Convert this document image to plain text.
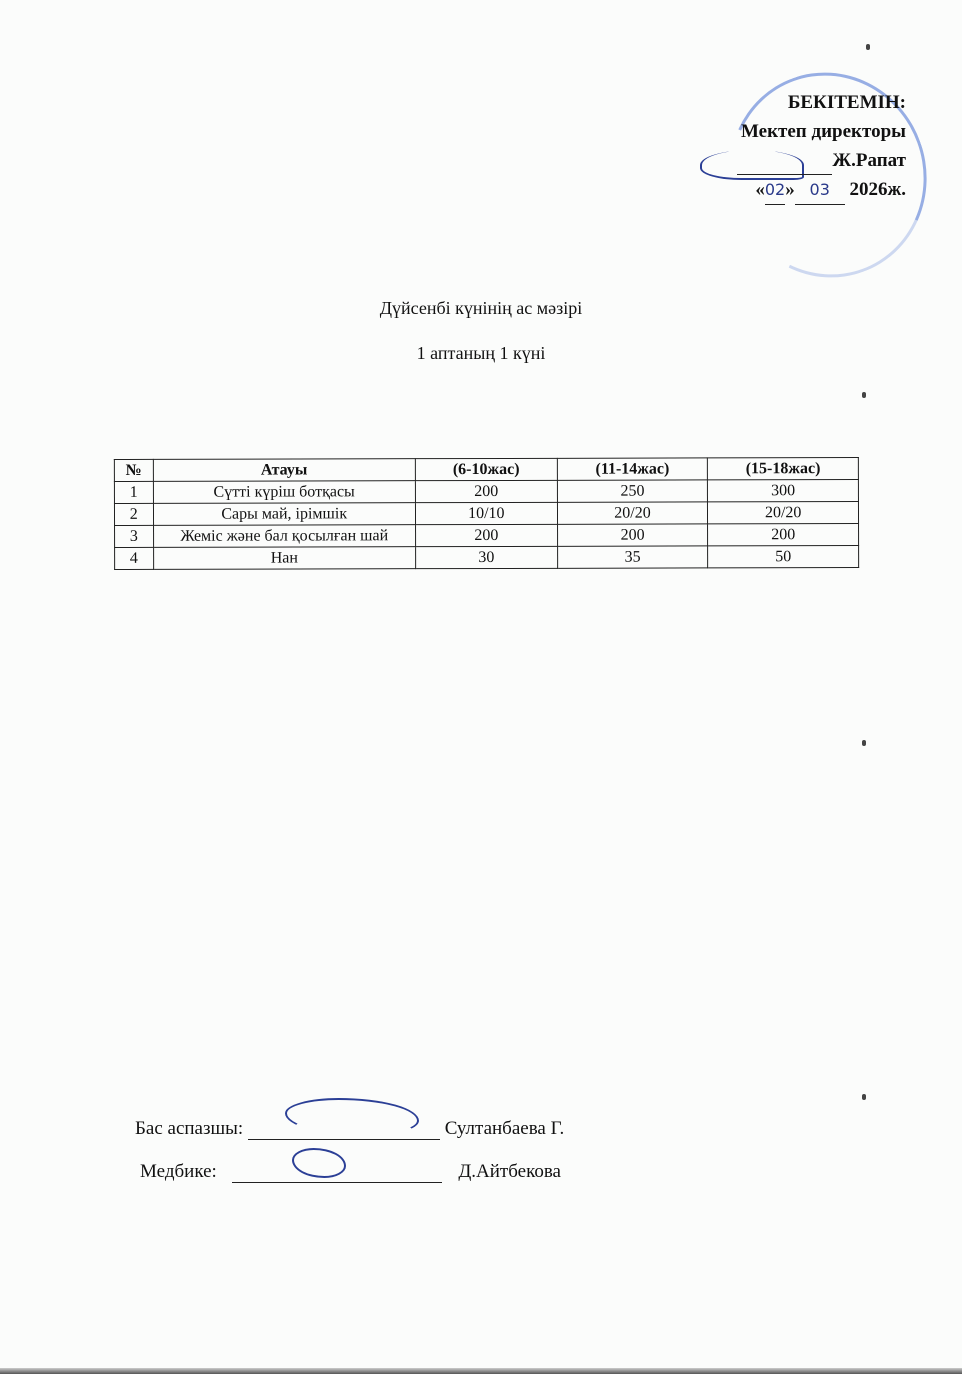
БЕКІТЕМІН:
Мектеп директоры
Ж.Рапат
«02» 03 2026ж.
Дүйсенбі күнінің ас мәзірі
1 аптаның 1 күні
№	Атауы	(6-10жас)	(11-14жас)	(15-18жас)
1	Сүтті күріш ботқасы	200	250	300
2	Сары май, ірімшік	10/10	20/20	20/20
3	Жеміс және бал қосылған шай	200	200	200
4	Нан	30	35	50
Бас аспазшы:	Султанбаева Г.
Медбике:	Д.Айтбекова
